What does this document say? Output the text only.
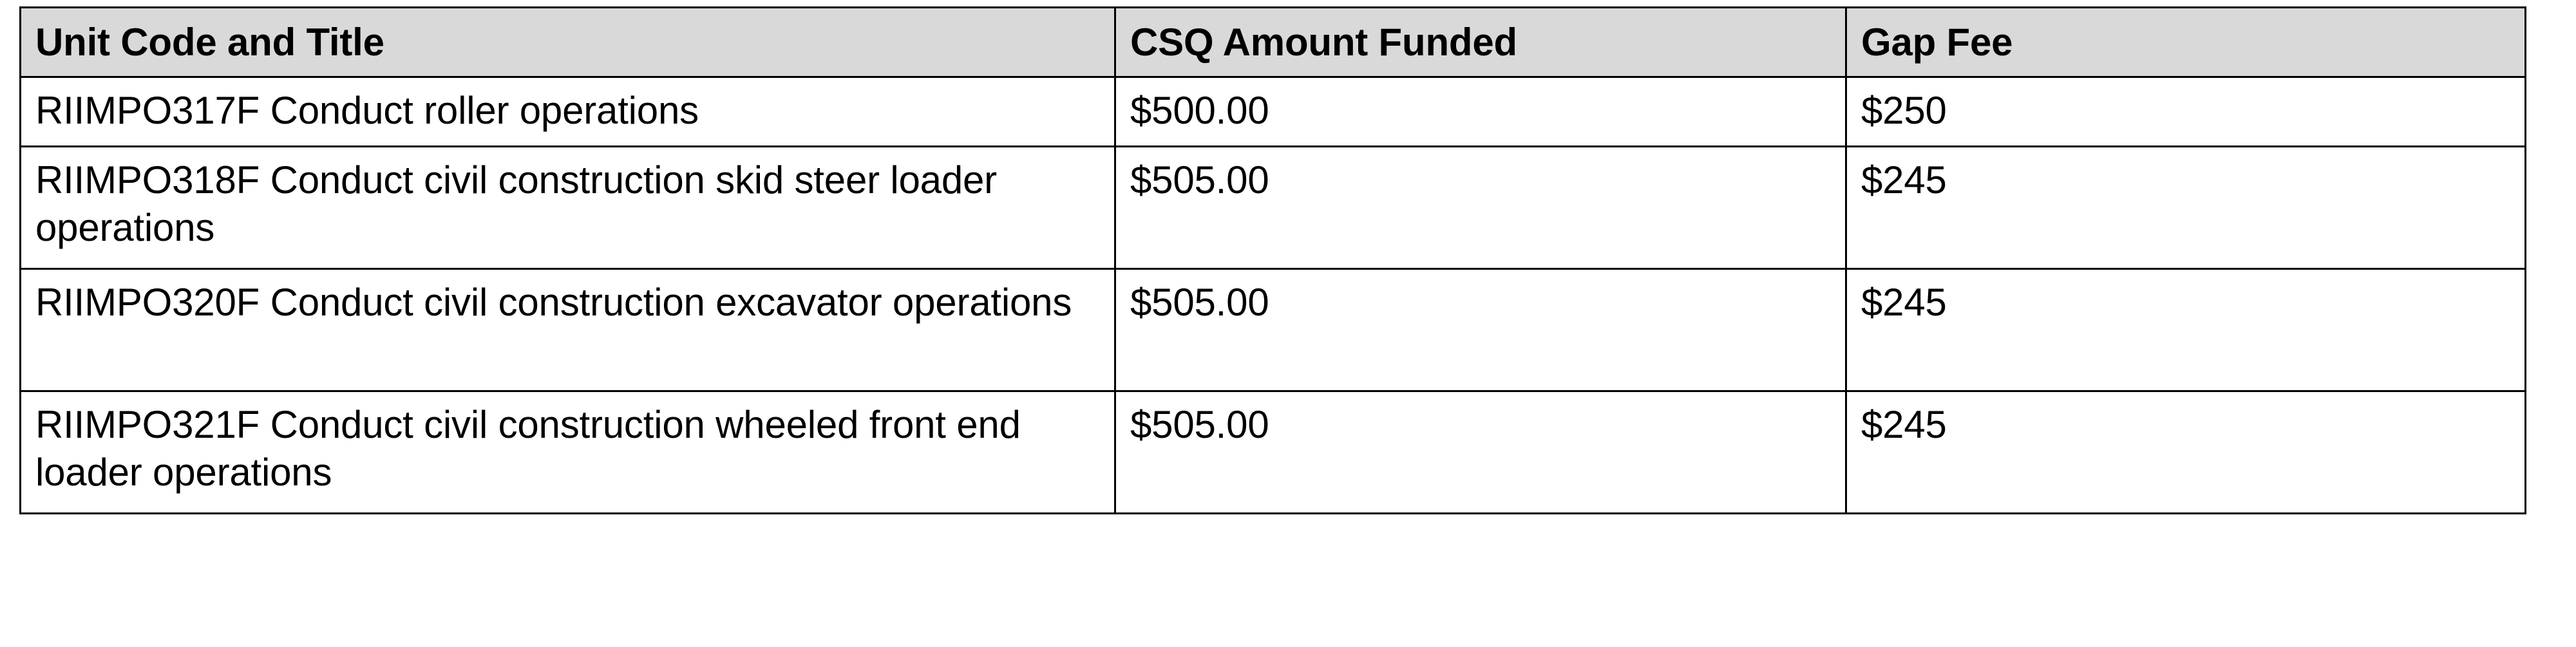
Unit Code and Title	CSQ Amount Funded	Gap Fee
RIIMPO317F Conduct roller operations	$500.00	$250
RIIMPO318F Conduct civil construction skid steer loader operations	$505.00	$245
RIIMPO320F Conduct civil construction excavator operations	$505.00	$245
RIIMPO321F Conduct civil construction wheeled front end loader operations	$505.00	$245
